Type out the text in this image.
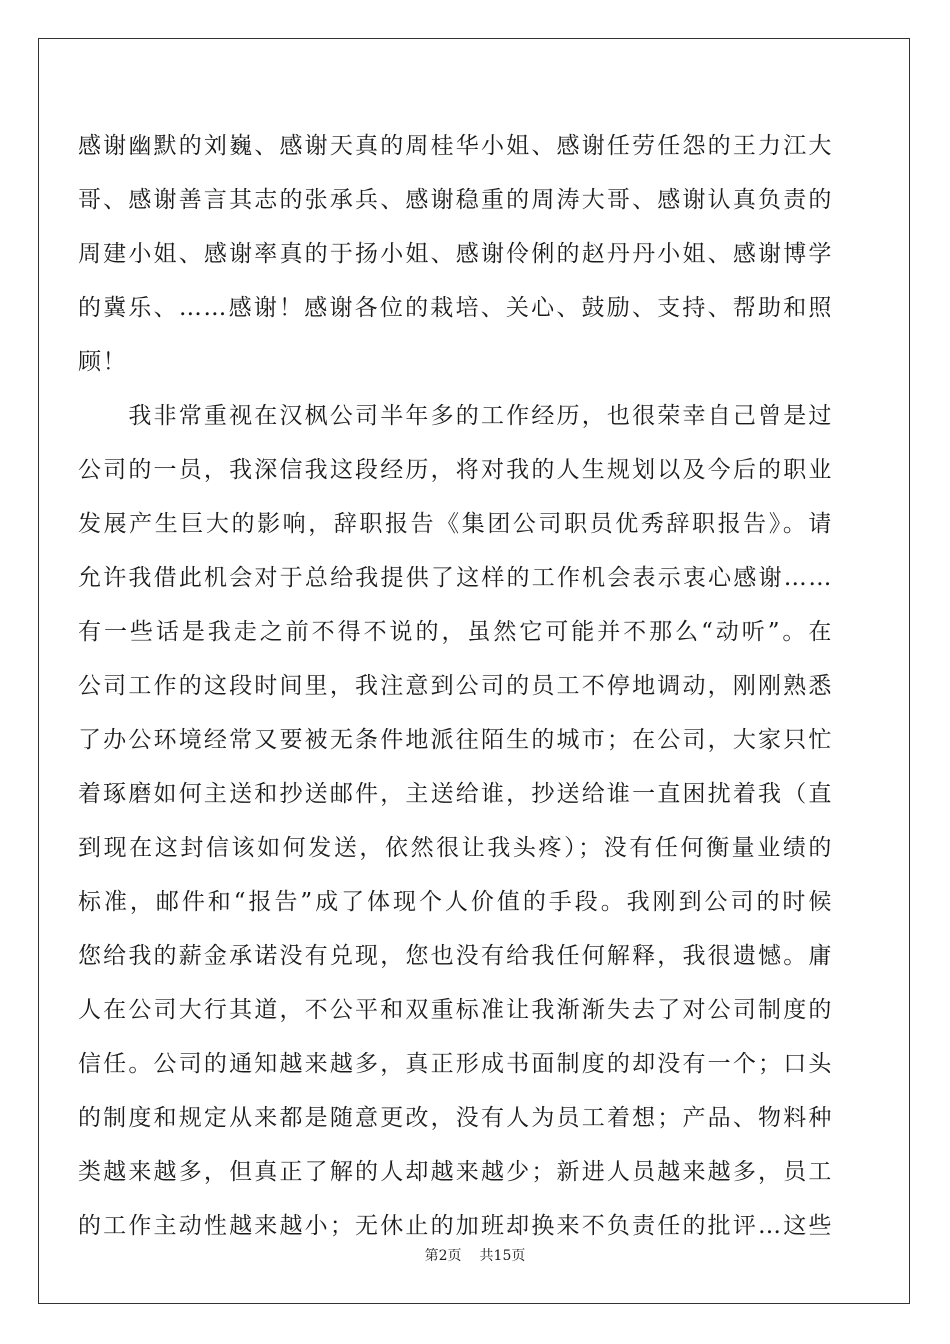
感谢幽默的刘巍、感谢天真的周桂华小姐、感谢任劳任怨的王力江大
哥、感谢善言其志的张承兵、感谢稳重的周涛大哥、感谢认真负责的
周建小姐、感谢率真的于扬小姐、感谢伶俐的赵丹丹小姐、感谢博学
的冀乐、……感谢！感谢各位的栽培、关心、鼓励、支持、帮助和照
顾！
　　我非常重视在汉枫公司半年多的工作经历，也很荣幸自己曾是过
公司的一员，我深信我这段经历，将对我的人生规划以及今后的职业
发展产生巨大的影响，辞职报告《集团公司职员优秀辞职报告》。请
允许我借此机会对于总给我提供了这样的工作机会表示衷心感谢……
有一些话是我走之前不得不说的，虽然它可能并不那么“动听”。在
公司工作的这段时间里，我注意到公司的员工不停地调动，刚刚熟悉
了办公环境经常又要被无条件地派往陌生的城市；在公司，大家只忙
着琢磨如何主送和抄送邮件，主送给谁，抄送给谁一直困扰着我（直
到现在这封信该如何发送，依然很让我头疼）；没有任何衡量业绩的
标准，邮件和“报告”成了体现个人价值的手段。我刚到公司的时候
您给我的薪金承诺没有兑现，您也没有给我任何解释，我很遗憾。庸
人在公司大行其道，不公平和双重标准让我渐渐失去了对公司制度的
信任。公司的通知越来越多，真正形成书面制度的却没有一个；口头
的制度和规定从来都是随意更改，没有人为员工着想；产品、物料种
类越来越多，但真正了解的人却越来越少；新进人员越来越多，员工
的工作主动性越来越小；无休止的加班却换来不负责任的批评…这些
第2页 共15页
